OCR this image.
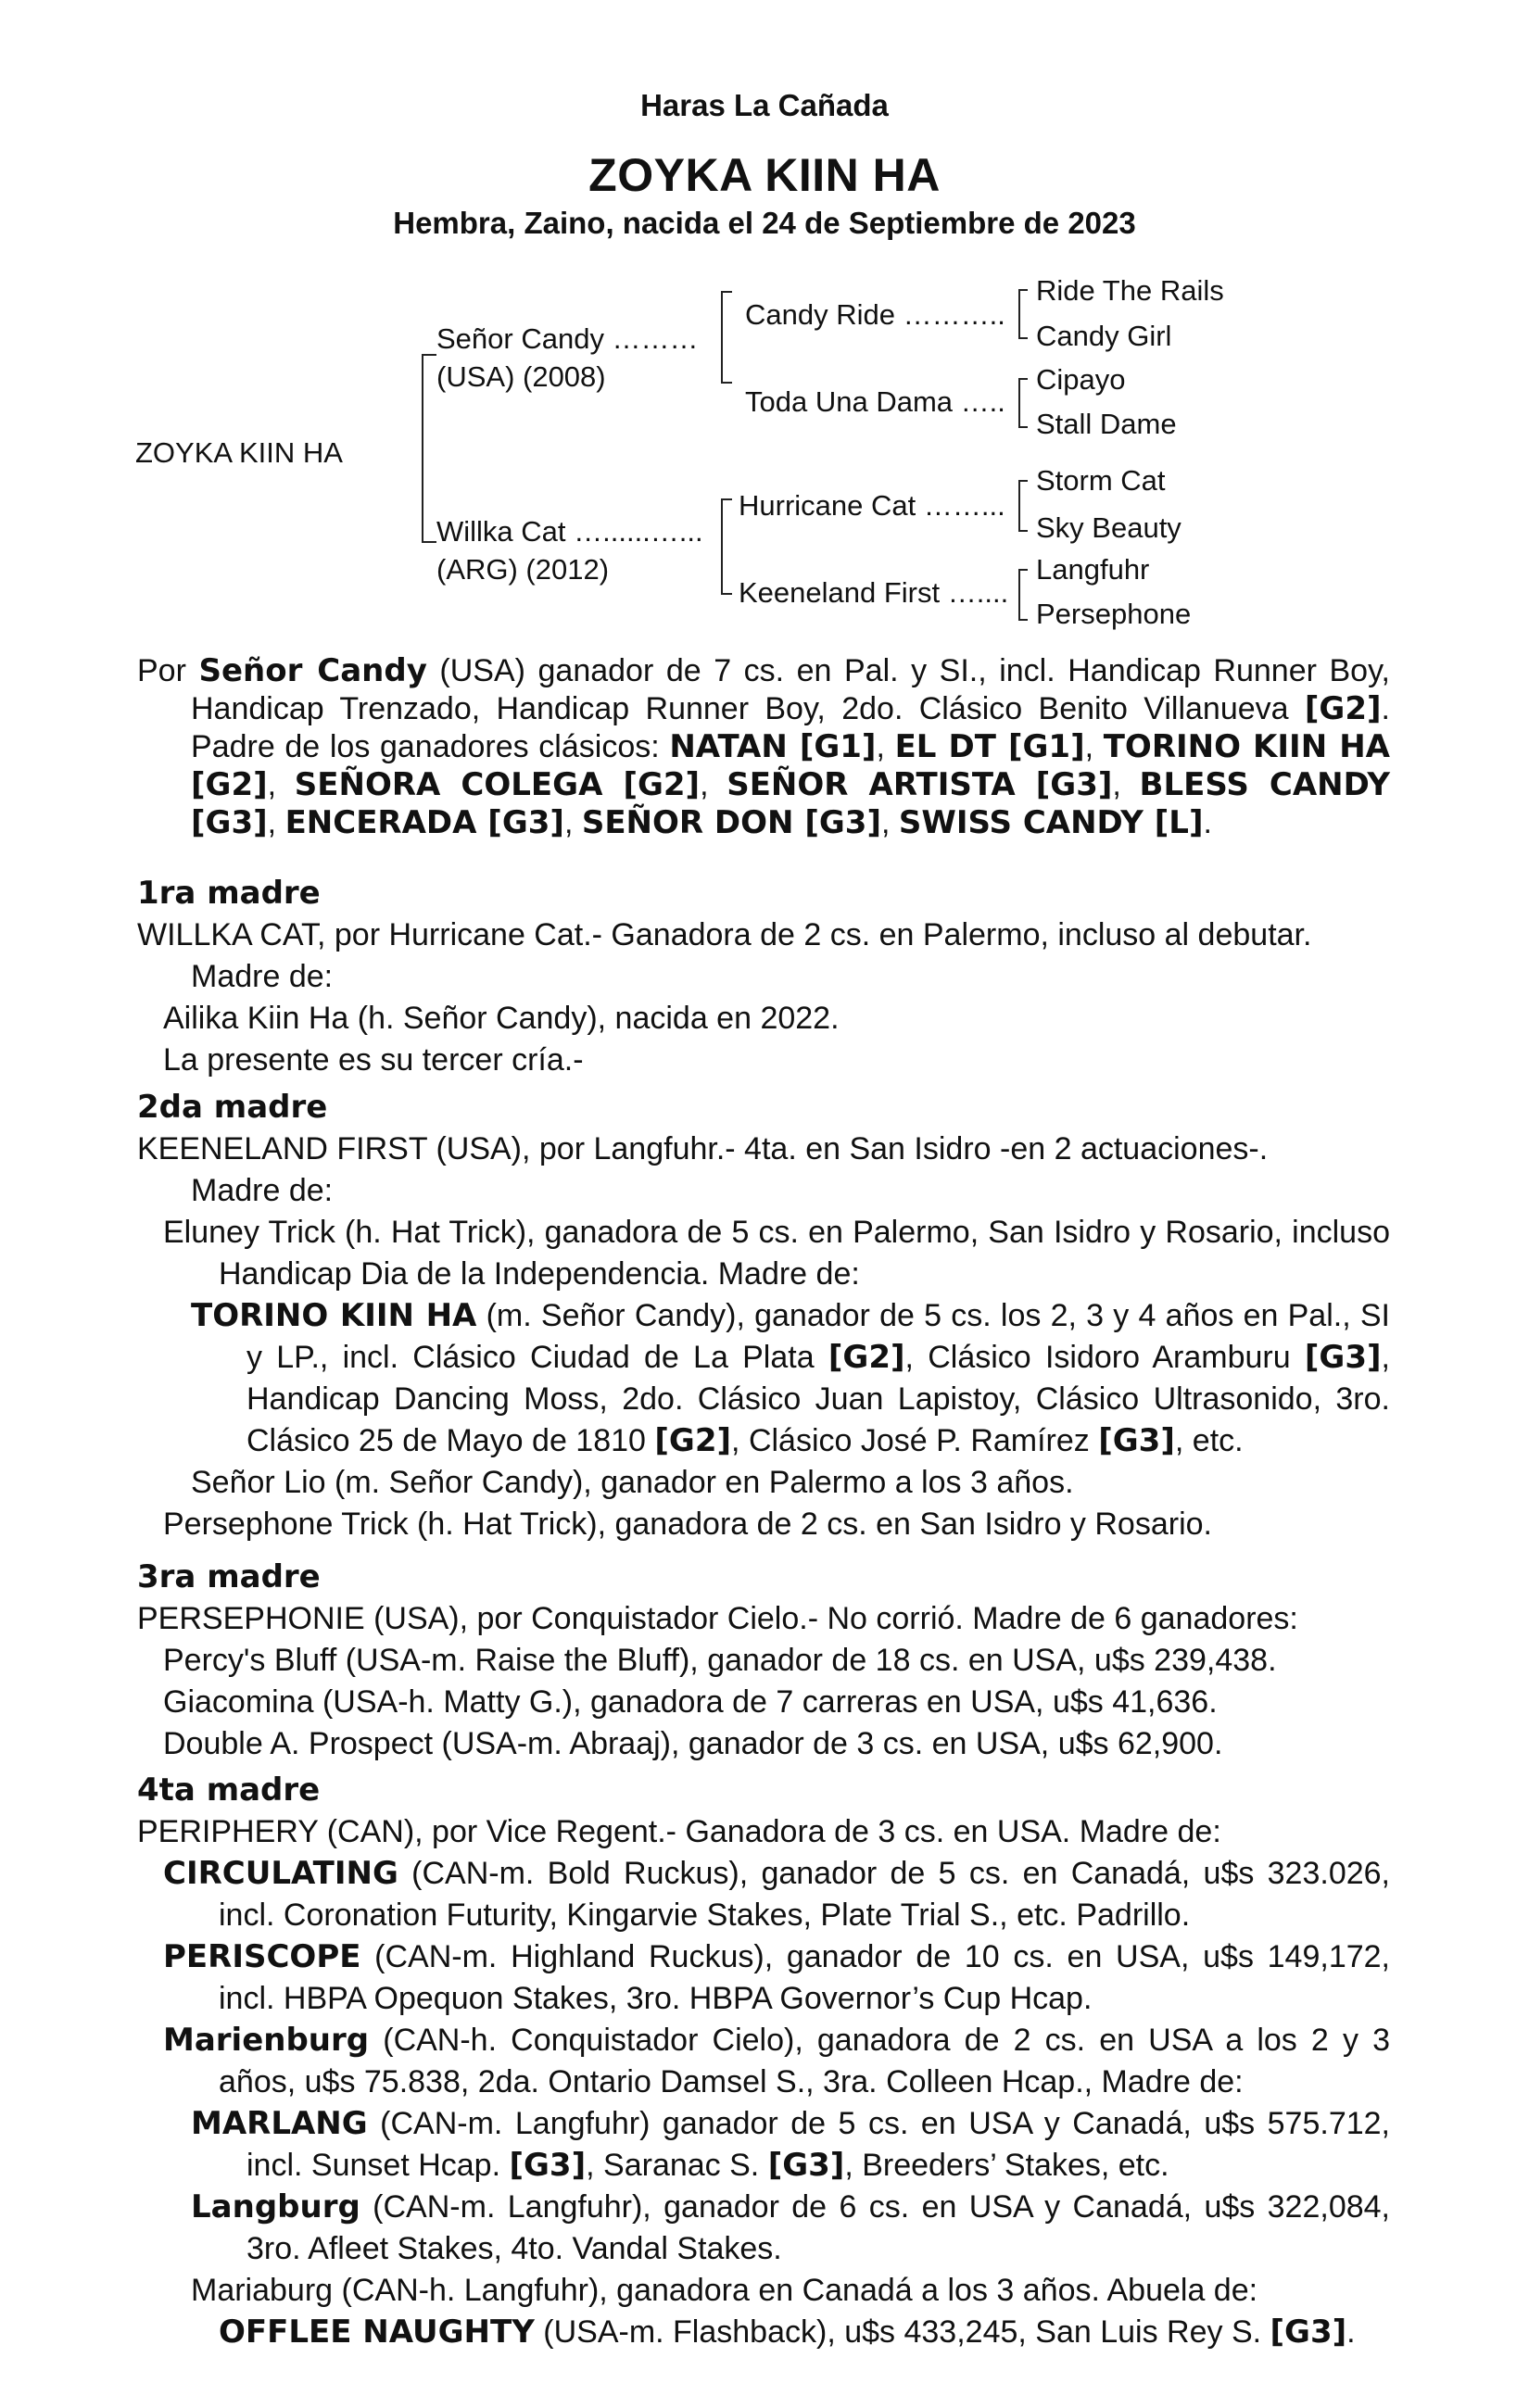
Haras La Cañada
ZOYKA KIIN HA
Hembra, Zaino, nacida el 24 de Septiembre de 2023
ZOYKA KIIN HA
Señor Candy ………
(USA) (2008)
Willka Cat …......…...
(ARG) (2012)
Candy Ride ………..
Toda Una Dama …..
Hurricane Cat ……...
Keeneland First …....
Ride The Rails
Candy Girl
Cipayo
Stall Dame
Storm Cat
Sky Beauty
Langfuhr
Persephone

Por Señor Candy (USA) ganador de 7 cs. en Pal. y SI., incl. Handicap Runner Boy, Handicap Trenzado, Handicap Runner Boy, 2do. Clásico Benito Villanueva [G2]. Padre de los ganadores clásicos: NATAN [G1], EL DT [G1], TORINO KIIN HA [G2], SEÑORA COLEGA [G2], SEÑOR ARTISTA [G3], BLESS CANDY [G3], ENCERADA [G3], SEÑOR DON [G3], SWISS CANDY [L].

1ra madre

WILLKA CAT, por Hurricane Cat.- Ganadora de 2 cs. en Palermo, incluso al debutar.

Madre de:

Ailika Kiin Ha (h. Señor Candy), nacida en 2022.

La presente es su tercer cría.-

2da madre

KEENELAND FIRST (USA), por Langfuhr.- 4ta. en San Isidro -en 2 actuaciones-.

Madre de:

Eluney Trick (h. Hat Trick), ganadora de 5 cs. en Palermo, San Isidro y Rosario, incluso Handicap Dia de la Independencia. Madre de:

TORINO KIIN HA (m. Señor Candy), ganador de 5 cs. los 2, 3 y 4 años en Pal., SI y LP., incl. Clásico Ciudad de La Plata [G2], Clásico Isidoro Aramburu [G3], Handicap Dancing Moss, 2do. Clásico Juan Lapistoy, Clásico Ultrasonido, 3ro. Clásico 25 de Mayo de 1810 [G2], Clásico José P. Ramírez [G3], etc.

Señor Lio (m. Señor Candy), ganador en Palermo a los 3 años.

Persephone Trick (h. Hat Trick), ganadora de 2 cs. en San Isidro y Rosario.

3ra madre

PERSEPHONIE (USA), por Conquistador Cielo.- No corrió. Madre de 6 ganadores:

Percy's Bluff (USA-m. Raise the Bluff), ganador de 18 cs. en USA, u$s 239,438.

Giacomina (USA-h. Matty G.), ganadora de 7 carreras en USA, u$s 41,636.

Double A. Prospect (USA-m. Abraaj), ganador de 3 cs. en USA, u$s 62,900.

4ta madre

PERIPHERY (CAN), por Vice Regent.- Ganadora de 3 cs. en USA. Madre de:

CIRCULATING (CAN-m. Bold Ruckus), ganador de 5 cs. en Canadá, u$s 323.026, incl. Coronation Futurity, Kingarvie Stakes, Plate Trial S., etc. Padrillo.

PERISCOPE (CAN-m. Highland Ruckus), ganador de 10 cs. en USA, u$s 149,172, incl. HBPA Opequon Stakes, 3ro. HBPA Governor’s Cup Hcap.

Marienburg (CAN-h. Conquistador Cielo), ganadora de 2 cs. en USA a los 2 y 3 años, u$s 75.838, 2da. Ontario Damsel S., 3ra. Colleen Hcap., Madre de:

MARLANG (CAN-m. Langfuhr) ganador de 5 cs. en USA y Canadá, u$s 575.712, incl. Sunset Hcap. [G3], Saranac S. [G3], Breeders’ Stakes, etc.

Langburg (CAN-m. Langfuhr), ganador de 6 cs. en USA y Canadá, u$s 322,084, 3ro. Afleet Stakes, 4to. Vandal Stakes.

Mariaburg (CAN-h. Langfuhr), ganadora en Canadá a los 3 años. Abuela de:

OFFLEE NAUGHTY (USA-m. Flashback), u$s 433,245, San Luis Rey S. [G3].
